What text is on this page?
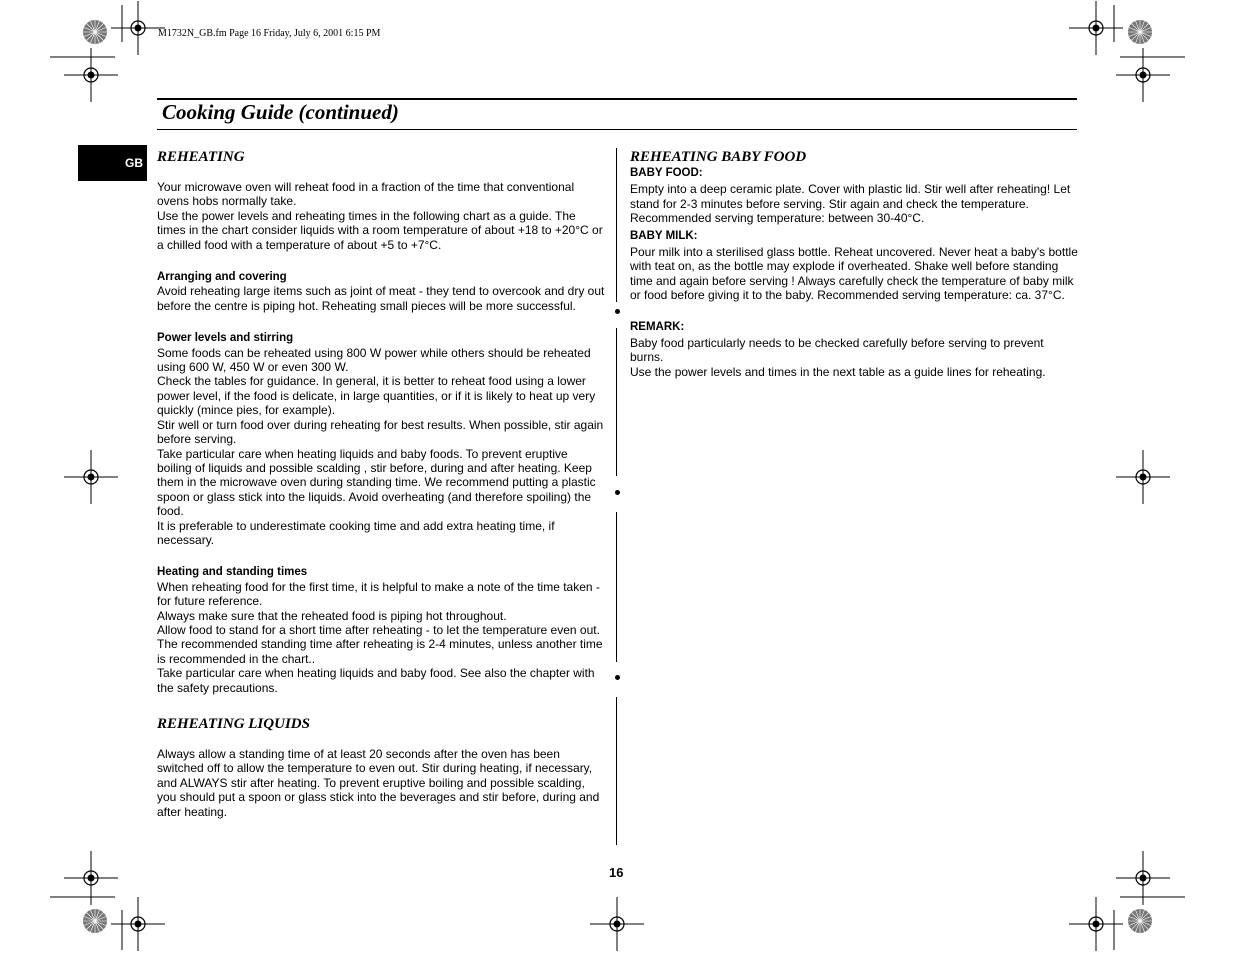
M1732N_GB.fm Page 16 Friday, July 6, 2001 6:15 PM
Cooking Guide (continued)
GB REHEATING

Your microwave oven will reheat food in a fraction of the time that conventional ovens hobs normally take.

Use the power levels and reheating times in the following chart as a guide. The times in the chart consider liquids with a room temperature of about +18 to +20°C or a chilled food with a temperature of about +5 to +7°C.

Arranging and covering

Avoid reheating large items such as joint of meat - they tend to overcook and dry out before the centre is piping hot. Reheating small pieces will be more successful.

Power levels and stirring

Some foods can be reheated using 800 W power while others should be reheated using 600 W, 450 W or even 300 W.

Check the tables for guidance. In general, it is better to reheat food using a lower power level, if the food is delicate, in large quantities, or if it is likely to heat up very quickly (mince pies, for example).

Stir well or turn food over during reheating for best results. When possible, stir again before serving.

Take particular care when heating liquids and baby foods. To prevent eruptive boiling of liquids and possible scalding , stir before, during and after heating. Keep them in the microwave oven during standing time. We recommend putting a plastic spoon or glass stick into the liquids. Avoid overheating (and therefore spoiling) the food.

It is preferable to underestimate cooking time and add extra heating time, if necessary.

Heating and standing times

When reheating food for the first time, it is helpful to make a note of the time taken - for future reference.

Always make sure that the reheated food is piping hot throughout.

Allow food to stand for a short time after reheating - to let the temperature even out.

The recommended standing time after reheating is 2-4 minutes, unless another time is recommended in the chart..

Take particular care when heating liquids and baby food. See also the chapter with the safety precautions.

REHEATING LIQUIDS

Always allow a standing time of at least 20 seconds after the oven has been switched off to allow the temperature to even out. Stir during heating, if necessary, and ALWAYS stir after heating. To prevent eruptive boiling and possible scalding, you should put a spoon or glass stick into the beverages and stir before, during and after heating.

REHEATING BABY FOOD

BABY FOOD:

Empty into a deep ceramic plate. Cover with plastic lid. Stir well after reheating! Let stand for 2-3 minutes before serving. Stir again and check the temperature. Recommended serving temperature: between 30-40°C.

BABY MILK:

Pour milk into a sterilised glass bottle. Reheat uncovered. Never heat a baby's bottle with teat on, as the bottle may explode if overheated. Shake well before standing time and again before serving ! Always carefully check the temperature of baby milk or food before giving it to the baby. Recommended serving temperature: ca. 37°C.

REMARK:

Baby food particularly needs to be checked carefully before serving to prevent burns.

Use the power levels and times in the next table as a guide lines for reheating.

16
